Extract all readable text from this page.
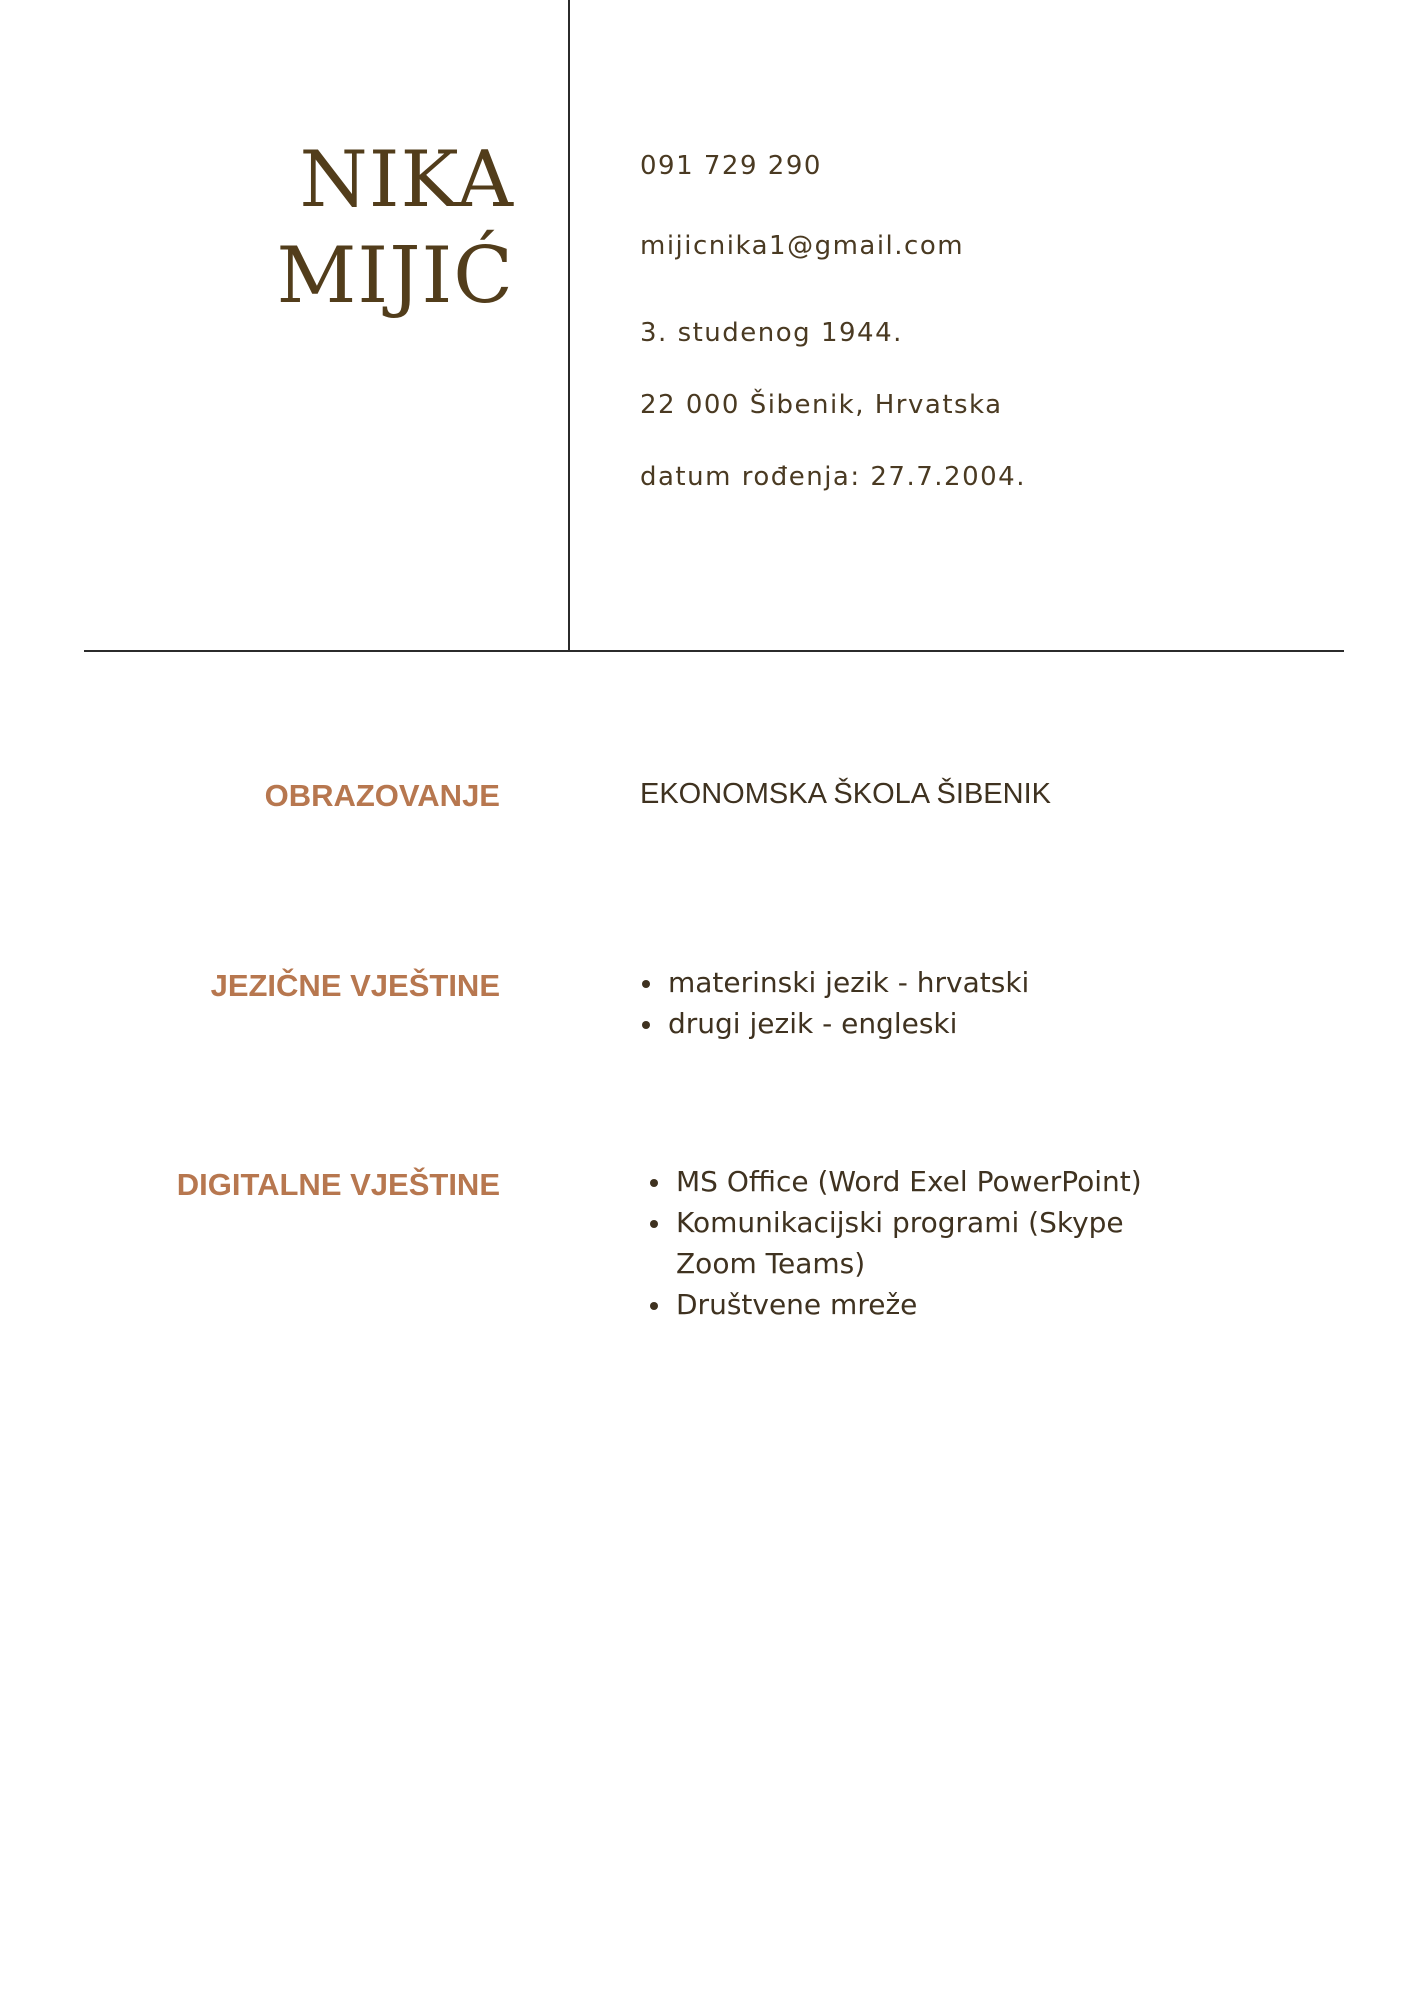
NIKA
MIJIĆ
091 729 290
mijicnika1@gmail.com
3. studenog 1944.
22 000 Šibenik, Hrvatska
datum rođenja: 27.7.2004.
OBRAZOVANJE	EKONOMSKA ŠKOLA ŠIBENIK
JEZIČNE VJEŠTINE	materinski jezik - hrvatski
drugi jezik - engleski
DIGITALNE VJEŠTINE	MS Office (Word Exel PowerPoint)
Komunikacijski programi (Skype Zoom Teams)
Društvene mreže
